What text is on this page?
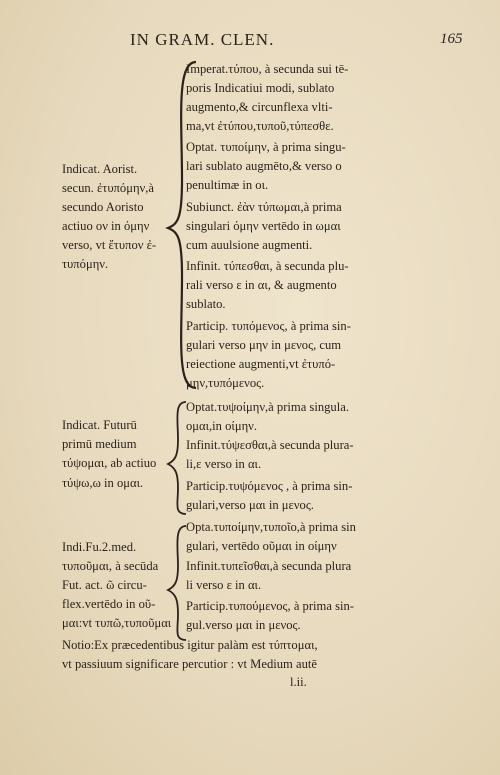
IN GRAM. CLEN.	165
Imperat.τύπου, à secunda sui tē-
poris Indicatiui modi, sublato
augmento,& circunflexa vlti-
ma,vt ἐτύπου,τυποῦ,τύπεσθε.
Optat. τυποίμην, à prima singu-
lari sublato augmēto,& verso ο
penultimæ in οι.
Subiunct. ἐὰν τύπωμαι,à prima
singulari όμην vertēdo in ωμαι
cum auulsione augmenti.
Infinit. τύπεσθαι, à secunda plu-
rali verso ε in αι, & augmento
sublato.
Particip. τυπόμενος, à prima sin-
gulari verso μην in μενος, cum
reiectione augmenti,vt ἐτυπό-
μην,τυπόμενος.
Indicat. Aorist.
secun. ἐτυπόμην,à
secundo Aoristo
actiuo ον in όμην
verso, vt ἔτυπον ἐ-
τυπόμην.
Optat.τυψοίμην,à prima singula.
ομαι,in οίμην.
Infinit.τύψεσθαι,à secunda plura-
li,ε verso in αι.
Particip.τυψόμενος , à prima sin-
gulari,verso μαι in μενος.
Indicat. Futurū
primū medium
τύψομαι, ab actiuo
τύψω,ω in ομαι.
Opta.τυποίμην,τυποῖο,à prima sin
gulari, vertēdo οῦμαι in οίμην
Infinit.τυπεῖσθαι,à secunda plura
li verso ε in αι.
Particip.τυπούμενος, à prima sin-
gul.verso μαι in μενος.
Indi.Fu.2.med.
τυποῦμαι, à secūda
Fut. act. ῶ circu-
flex.vertēdo in οῦ-
μαι:vt τυπῶ,τυποῦμαι
Notio:Ex præcedentibus igitur palàm est τύπτομαι,
vt passiuum significare percutior : vt Medium autē
l.ii.
